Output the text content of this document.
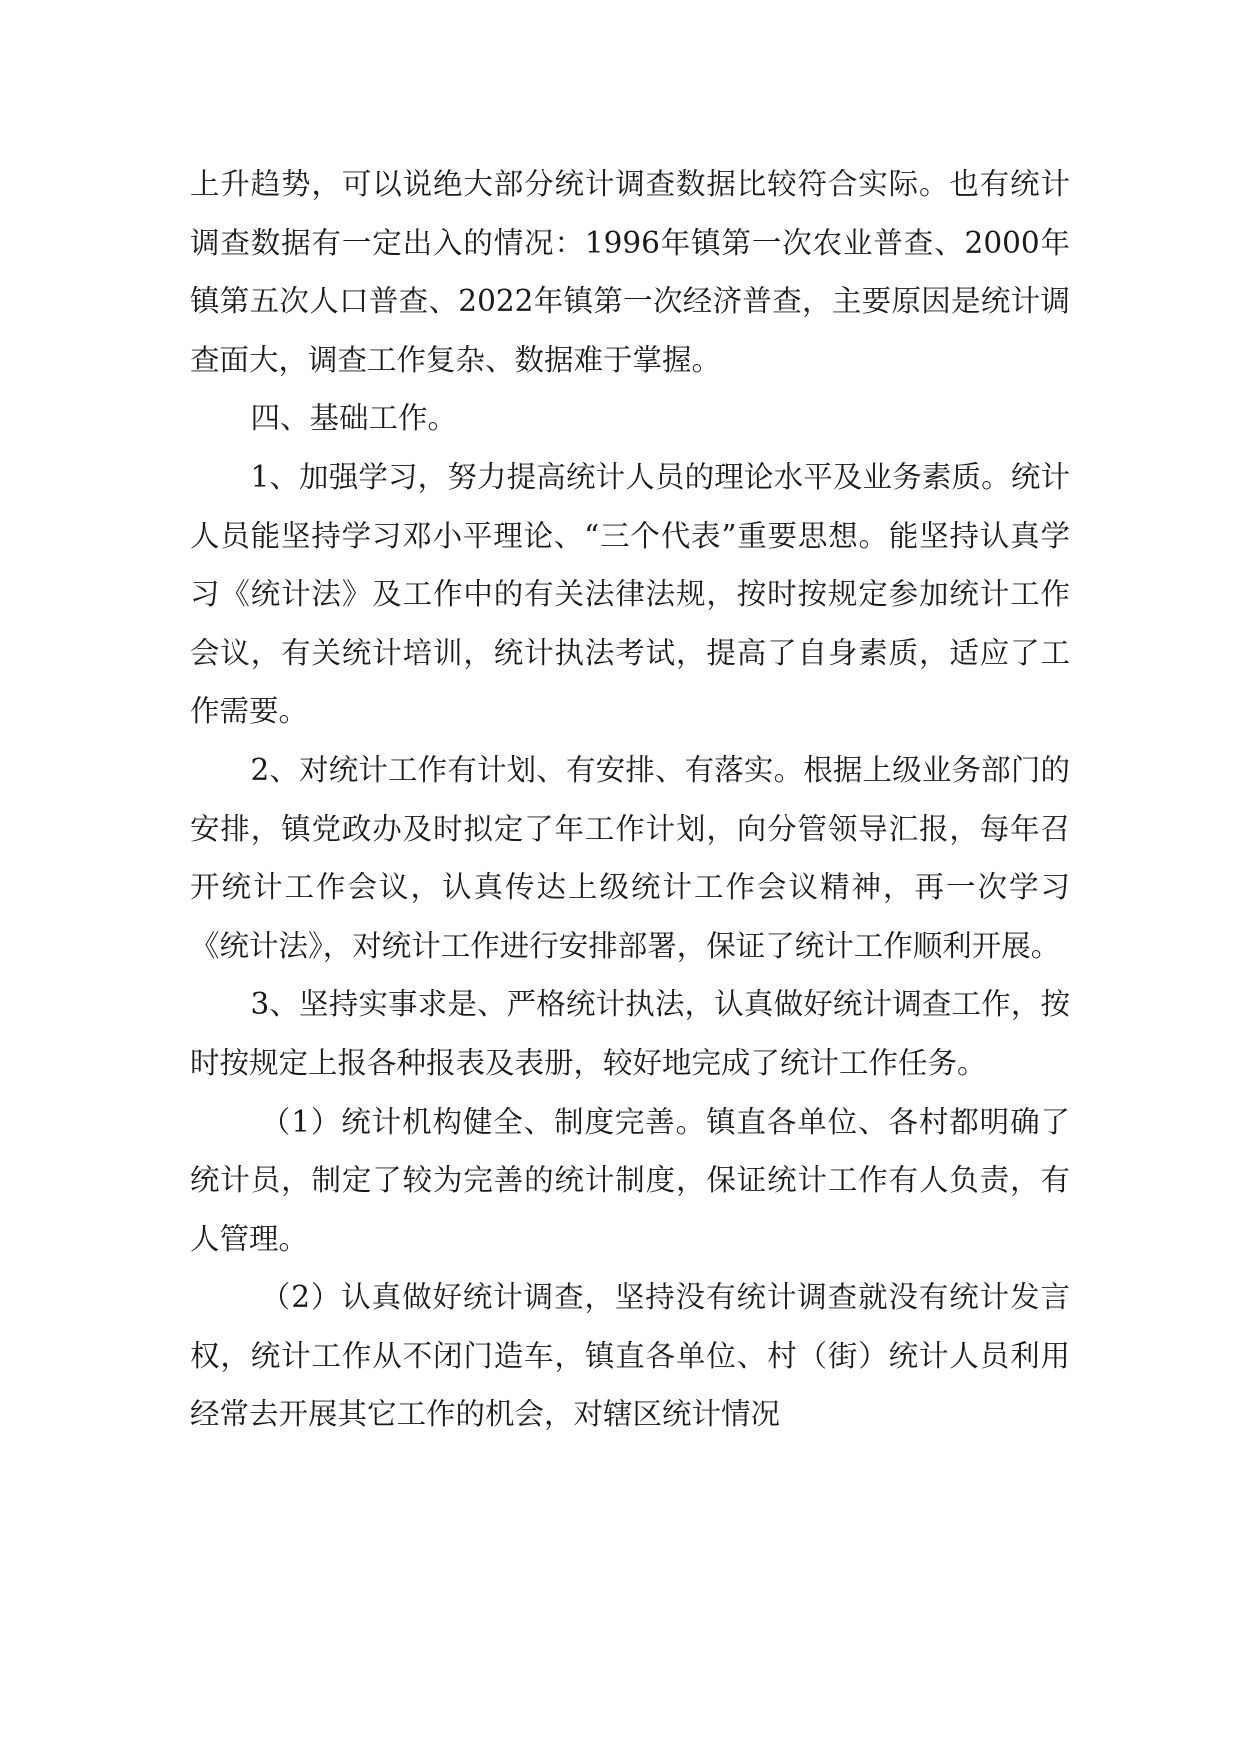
上升趋势，可以说绝大部分统计调查数据比较符合实际。也有统计调查数据有一定出入的情况：1996年镇第一次农业普查、2000年镇第五次人口普查、2022年镇第一次经济普查，主要原因是统计调查面大，调查工作复杂、数据难于掌握。

四、基础工作。

1、加强学习，努力提高统计人员的理论水平及业务素质。统计人员能坚持学习邓小平理论、“三个代表”重要思想。能坚持认真学习《统计法》及工作中的有关法律法规，按时按规定参加统计工作会议，有关统计培训，统计执法考试，提高了自身素质，适应了工作需要。

2、对统计工作有计划、有安排、有落实。根据上级业务部门的安排，镇党政办及时拟定了年工作计划，向分管领导汇报，每年召开统计工作会议，认真传达上级统计工作会议精神，再一次学习《统计法》，对统计工作进行安排部署，保证了统计工作顺利开展。

3、坚持实事求是、严格统计执法，认真做好统计调查工作，按时按规定上报各种报表及表册，较好地完成了统计工作任务。

（1）统计机构健全、制度完善。镇直各单位、各村都明确了统计员，制定了较为完善的统计制度，保证统计工作有人负责，有人管理。

（2）认真做好统计调查，坚持没有统计调查就没有统计发言权，统计工作从不闭门造车，镇直各单位、村（街）统计人员利用经常去开展其它工作的机会，对辖区统计情况
